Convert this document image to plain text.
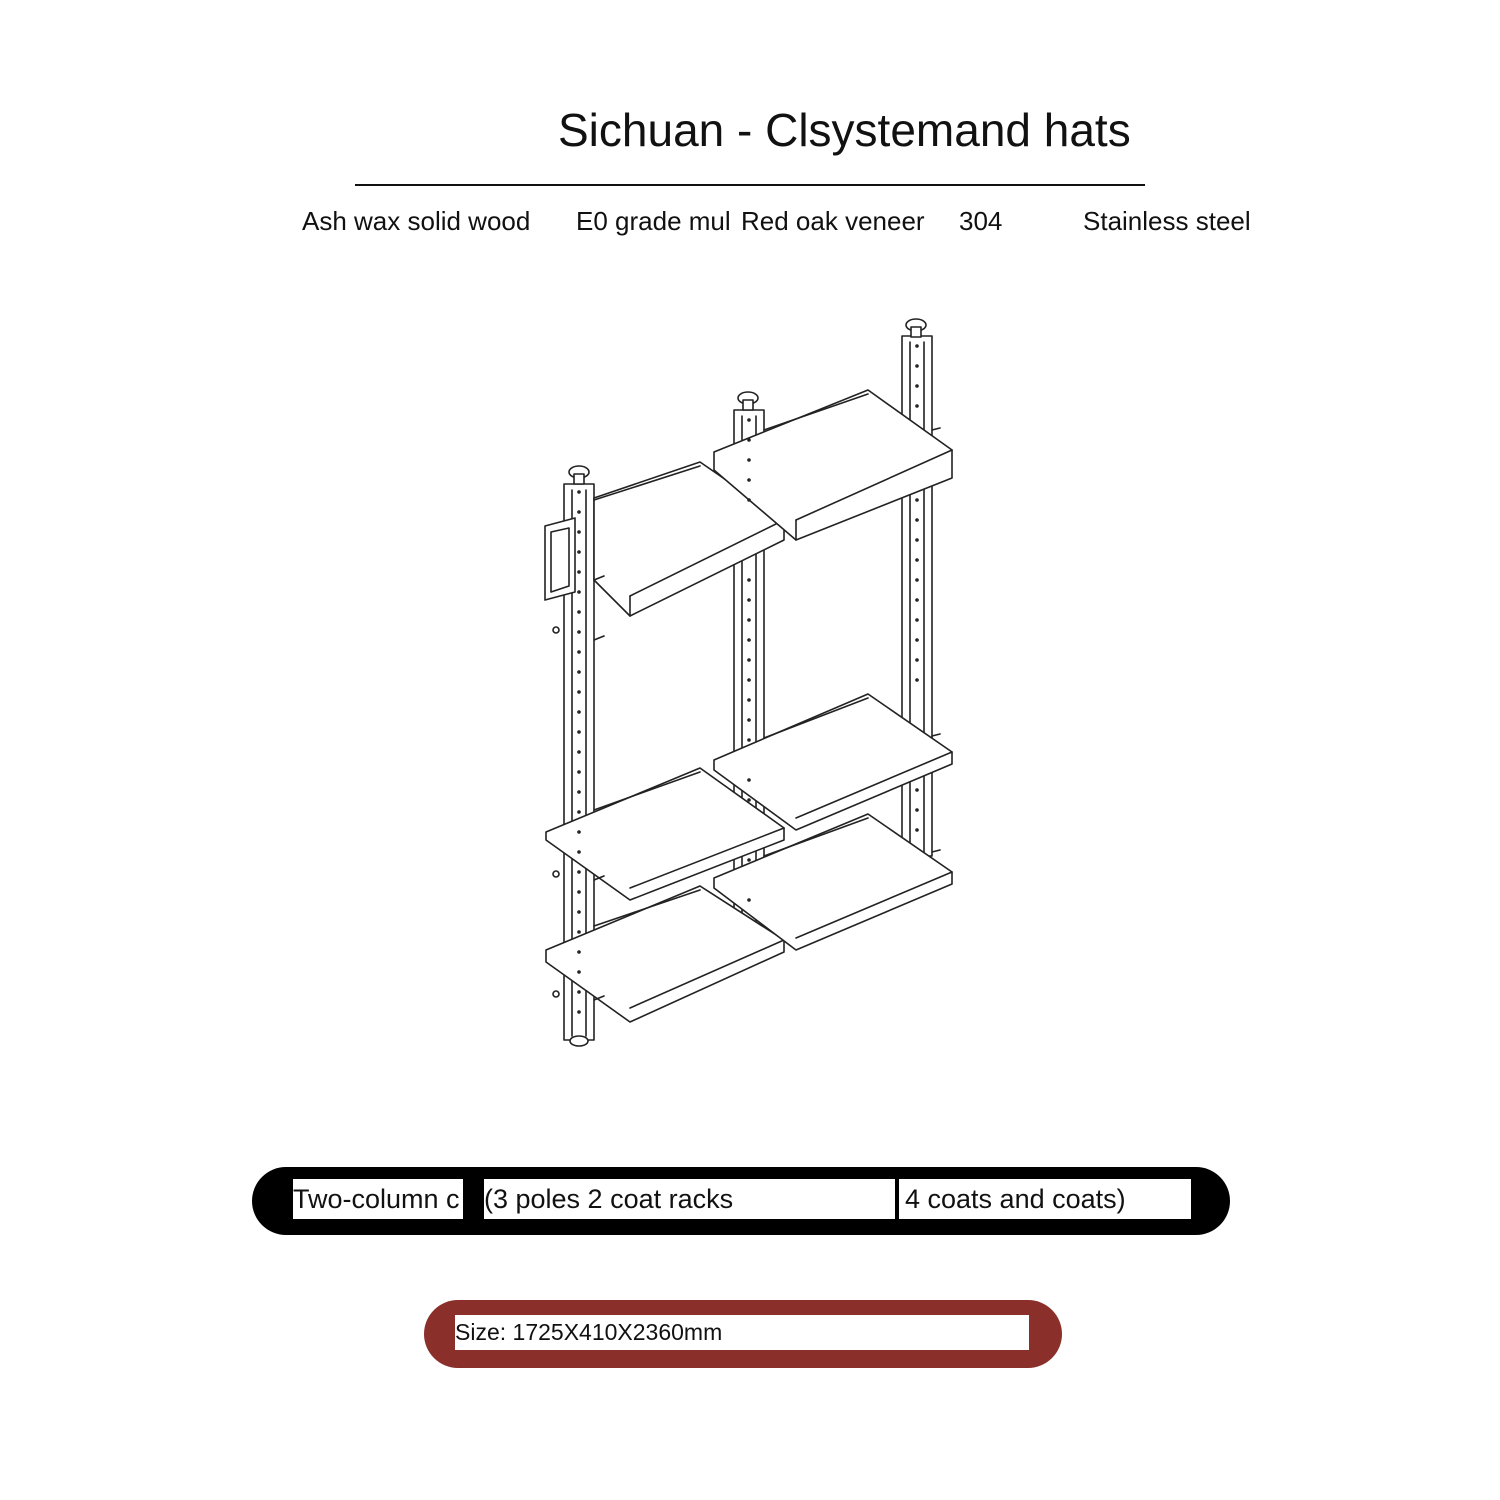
Sichuan - Clsystemand hats
Ash wax solid wood E0 grade mul Red oak veneer 304	Stainless steel
Two-column c (3 poles 2 coat racks	4 coats and coats)
Size: 1725X410X2360mm
